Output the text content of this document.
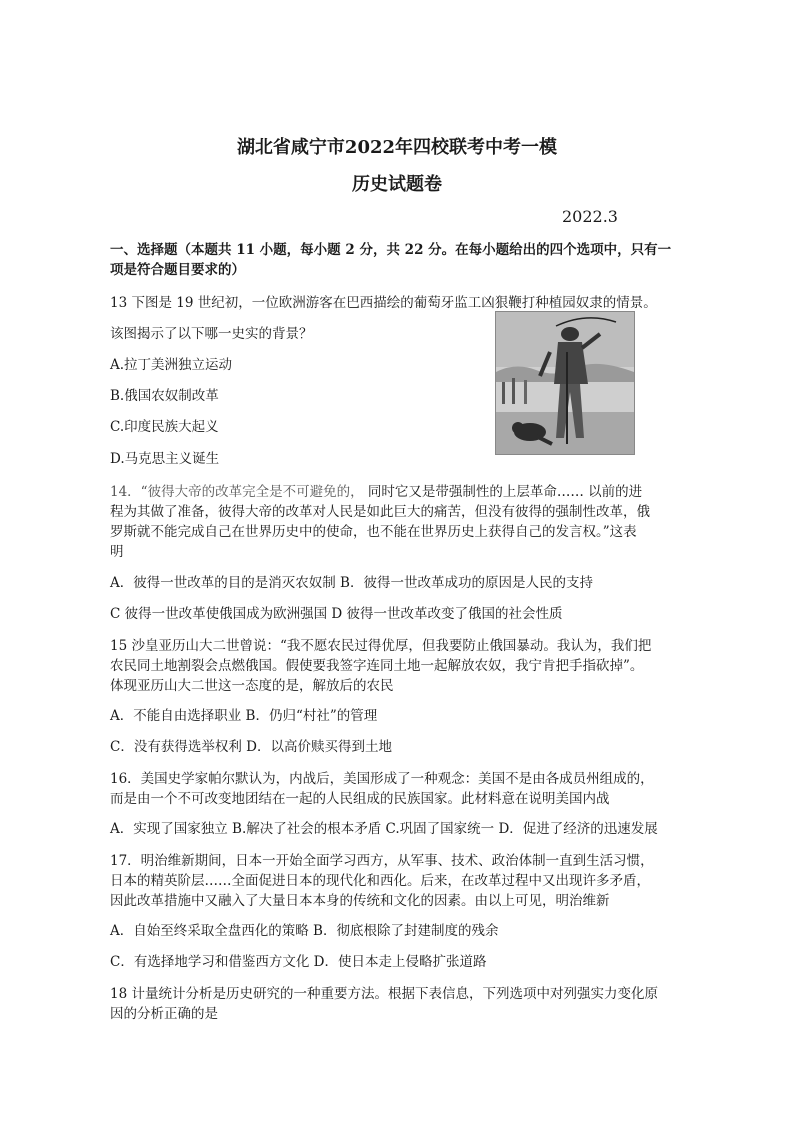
湖北省咸宁市2022年四校联考中考一模
历史试题卷
2022.3
一、选择题（本题共 11 小题，每小题 2 分，共 22 分。在每小题给出的四个选项中，只有一
项是符合题目要求的）
13 下图是 19 世纪初，一位欧洲游客在巴西描绘的葡萄牙监工凶狠鞭打种植园奴隶的情景。
该图揭示了以下哪一史实的背景？
A.拉丁美洲独立运动
B.俄国农奴制改革
C.印度民族大起义
D.马克思主义诞生
14．“彼得大帝的改革完全是不可避免的， 同时它又是带强制性的上层革命…… 以前的进
程为其做了准备，彼得大帝的改革对人民是如此巨大的痛苦，但没有彼得的强制性改革，俄
罗斯就不能完成自己在世界历史中的使命，也不能在世界历史上获得自己的发言权。”这表
明
A．彼得一世改革的目的是消灭农奴制 B．彼得一世改革成功的原因是人民的支持
C 彼得一世改革使俄国成为欧洲强国 D 彼得一世改革改变了俄国的社会性质
15 沙皇亚历山大二世曾说：“我不愿农民过得优厚，但我要防止俄国暴动。我认为，我们把
农民同土地割裂会点燃俄国。假使要我签字连同土地一起解放农奴，我宁肯把手指砍掉”。
体现亚历山大二世这一态度的是，解放后的农民
A．不能自由选择职业 B．仍归“村社”的管理
C．没有获得选举权利 D．以高价赎买得到土地
16．美国史学家帕尔默认为，内战后，美国形成了一种观念：美国不是由各成员州组成的，
而是由一个不可改变地团结在一起的人民组成的民族国家。此材料意在说明美国内战
A．实现了国家独立 B.解决了社会的根本矛盾 C.巩固了国家统一 D．促进了经济的迅速发展
17．明治维新期间，日本一开始全面学习西方，从军事、技术、政治体制一直到生活习惯，
日本的精英阶层……全面促进日本的现代化和西化。后来，在改革过程中又出现许多矛盾，
因此改革措施中又融入了大量日本本身的传统和文化的因素。由以上可见，明治维新
A．自始至终采取全盘西化的策略 B．彻底根除了封建制度的残余
C．有选择地学习和借鉴西方文化 D．使日本走上侵略扩张道路
18 计量统计分析是历史研究的一种重要方法。根据下表信息，下列选项中对列强实力变化原
因的分析正确的是
